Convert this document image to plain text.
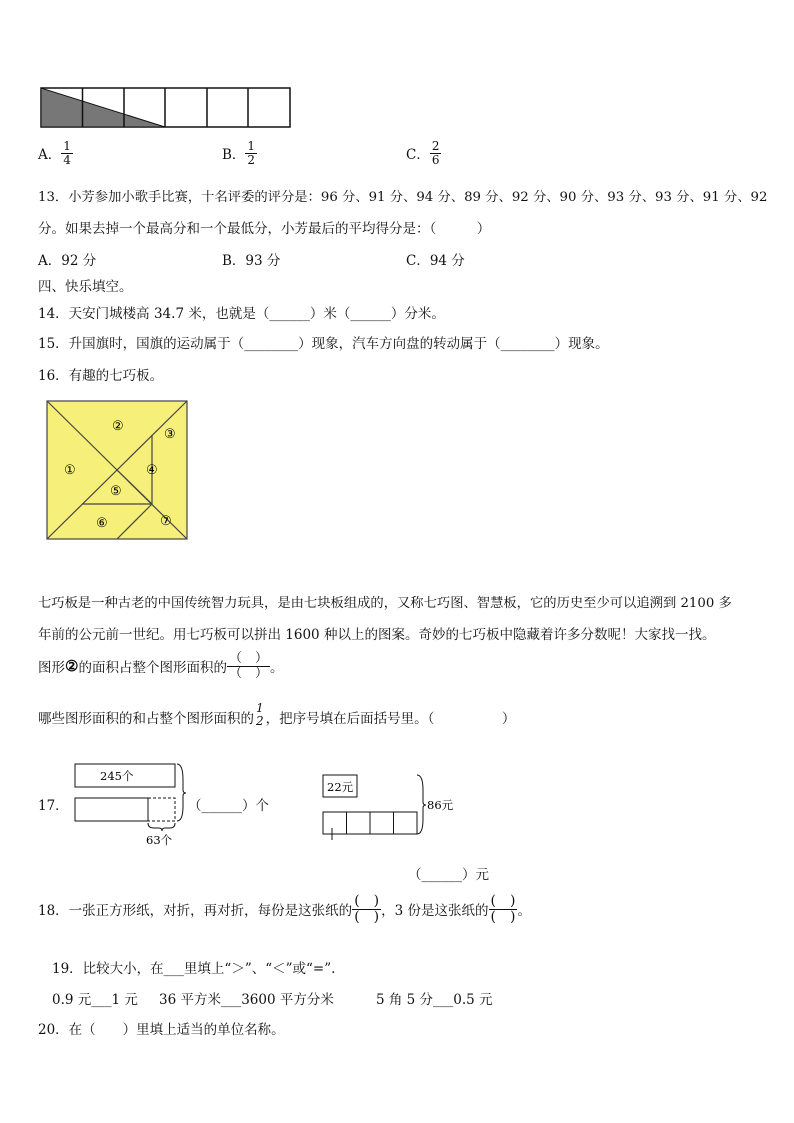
A． $\frac{1}{4}$	B． $\frac{1}{2}$	C． $\frac{2}{6}$
13．小芳参加小歌手比赛，十名评委的评分是：96 分、91 分、94 分、89 分、92 分、90 分、93 分、93 分、91 分、92
分。如果去掉一个最高分和一个最低分，小芳最后的平均得分是：（　　　）
A．92 分	B．93 分	C．94 分
四、快乐填空。
14．天安门城楼高 34.7 米，也就是（______）米（______）分米。
15．升国旗时，国旗的运动属于（________）现象，汽车方向盘的转动属于（________）现象。
16．有趣的七巧板。
①
②
③
④
⑤
⑥	⑦
七巧板是一种古老的中国传统智力玩具，是由七块板组成的，又称七巧图、智慧板，它的历史至少可以追溯到 2100 多
年前的公元前一世纪。用七巧板可以拼出 1600 种以上的图案。奇妙的七巧板中隐藏着许多分数呢！大家找一找。
图形②的面积占整个图形面积的 $\frac{( )}{( )}$ 。
哪些图形面积的和占整个图形面积的
1
2 ，把序号填在后面括号里。（　　　　　）
17．
245个
63个
（______）个
22元
86元
（______）元
18．一张正方形纸，对折，再对折，每份是这张纸的 $\frac{( )}{( )}$ ，3 份是这张纸的 $\frac{( )}{( )}$ 。
19．比较大小，在___里填上“＞”、“＜”或“=”.
0.9 元___1 元 36 平方米___3600 平方分米	5 角 5 分___0.5 元
20．在（　　）里填上适当的单位名称。
